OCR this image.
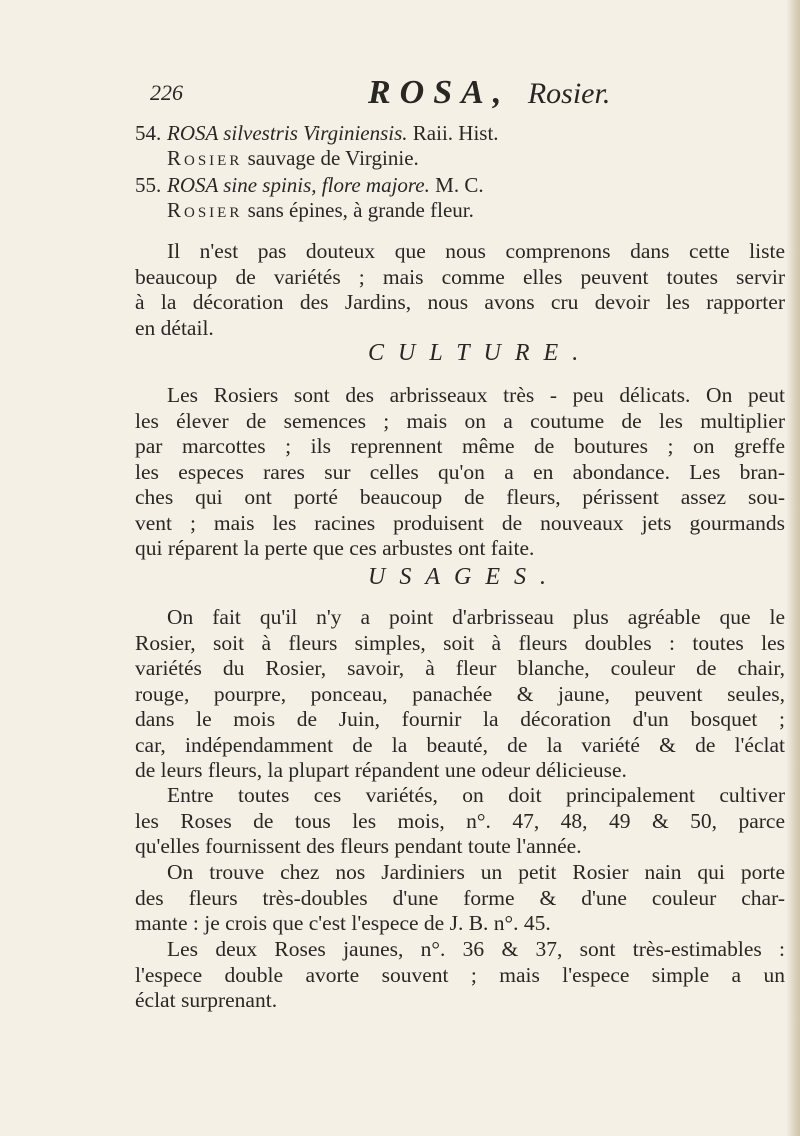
226	ROSA, Rosier.
54. ROSA silvestris Virginiensis. Raii. Hist.
Rosier sauvage de Virginie.
55. ROSA sine spinis, flore majore. M. C.
Rosier sans épines, à grande fleur.

Il n'est pas douteux que nous comprenons dans cette liste
beaucoup de variétés ; mais comme elles peuvent toutes servir
à la décoration des Jardins, nous avons cru devoir les rapporter
en détail.

CULTURE.

Les Rosiers sont des arbrisseaux très - peu délicats. On peut
les élever de semences ; mais on a coutume de les multiplier
par marcottes ; ils reprennent même de boutures ; on greffe
les especes rares sur celles qu'on a en abondance. Les bran-
ches qui ont porté beaucoup de fleurs, périssent assez sou-
vent ; mais les racines produisent de nouveaux jets gourmands
qui réparent la perte que ces arbustes ont faite.

USAGES.

On fait qu'il n'y a point d'arbrisseau plus agréable que le
Rosier, soit à fleurs simples, soit à fleurs doubles : toutes les
variétés du Rosier, savoir, à fleur blanche, couleur de chair,
rouge, pourpre, ponceau, panachée & jaune, peuvent seules,
dans le mois de Juin, fournir la décoration d'un bosquet ;
car, indépendamment de la beauté, de la variété & de l'éclat
de leurs fleurs, la plupart répandent une odeur délicieuse.

Entre toutes ces variétés, on doit principalement cultiver
les Roses de tous les mois, n°. 47, 48, 49 & 50, parce
qu'elles fournissent des fleurs pendant toute l'année.

On trouve chez nos Jardiniers un petit Rosier nain qui porte
des fleurs très-doubles d'une forme & d'une couleur char-
mante : je crois que c'est l'espece de J. B. n°. 45.

Les deux Roses jaunes, n°. 36 & 37, sont très-estimables :
l'espece double avorte souvent ; mais l'espece simple a un
éclat surprenant.
